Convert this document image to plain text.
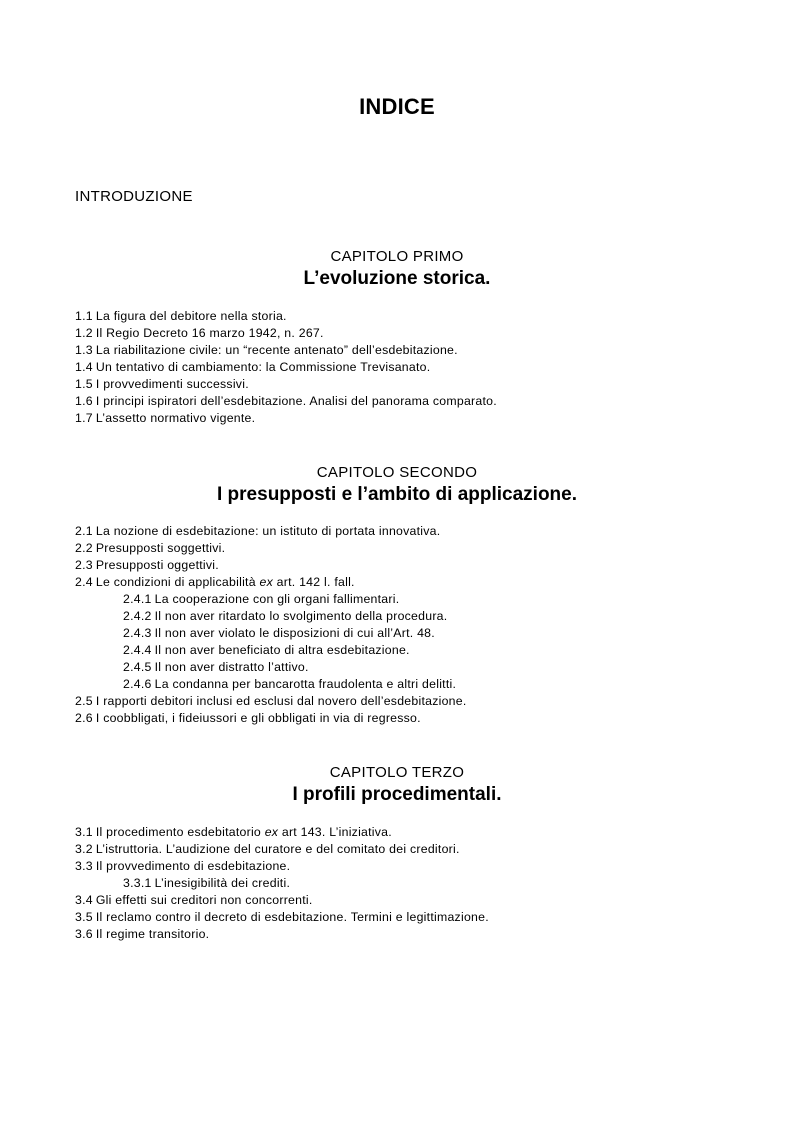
INDICE
INTRODUZIONE
CAPITOLO PRIMO
L’evoluzione storica.
1.1 La figura del debitore nella storia.
1.2 Il Regio Decreto 16 marzo 1942, n. 267.
1.3 La riabilitazione civile: un “recente antenato” dell’esdebitazione.
1.4 Un tentativo di cambiamento: la Commissione Trevisanato.
1.5 I provvedimenti successivi.
1.6 I principi ispiratori dell’esdebitazione. Analisi del panorama comparato.
1.7 L’assetto normativo vigente.
CAPITOLO SECONDO
I presupposti e l’ambito di applicazione.
2.1 La nozione di esdebitazione: un istituto di portata innovativa.
2.2 Presupposti soggettivi.
2.3 Presupposti oggettivi.
2.4 Le condizioni di applicabilità ex art. 142 l. fall.
2.4.1 La cooperazione con gli organi fallimentari.
2.4.2 Il non aver ritardato lo svolgimento della procedura.
2.4.3 Il non aver violato le disposizioni di cui all’Art. 48.
2.4.4 Il non aver beneficiato di altra esdebitazione.
2.4.5 Il non aver distratto l’attivo.
2.4.6 La condanna per bancarotta fraudolenta e altri delitti.
2.5 I rapporti debitori inclusi ed esclusi dal novero dell’esdebitazione.
2.6 I coobbligati, i fideiussori e gli obbligati in via di regresso.
CAPITOLO TERZO
I profili procedimentali.
3.1 Il procedimento esdebitatorio ex art 143. L’iniziativa.
3.2 L’istruttoria. L’audizione del curatore e del comitato dei creditori.
3.3 Il provvedimento di esdebitazione.
3.3.1 L’inesigibilità dei crediti.
3.4 Gli effetti sui creditori non concorrenti.
3.5 Il reclamo contro il decreto di esdebitazione. Termini e legittimazione.
3.6 Il regime transitorio.
